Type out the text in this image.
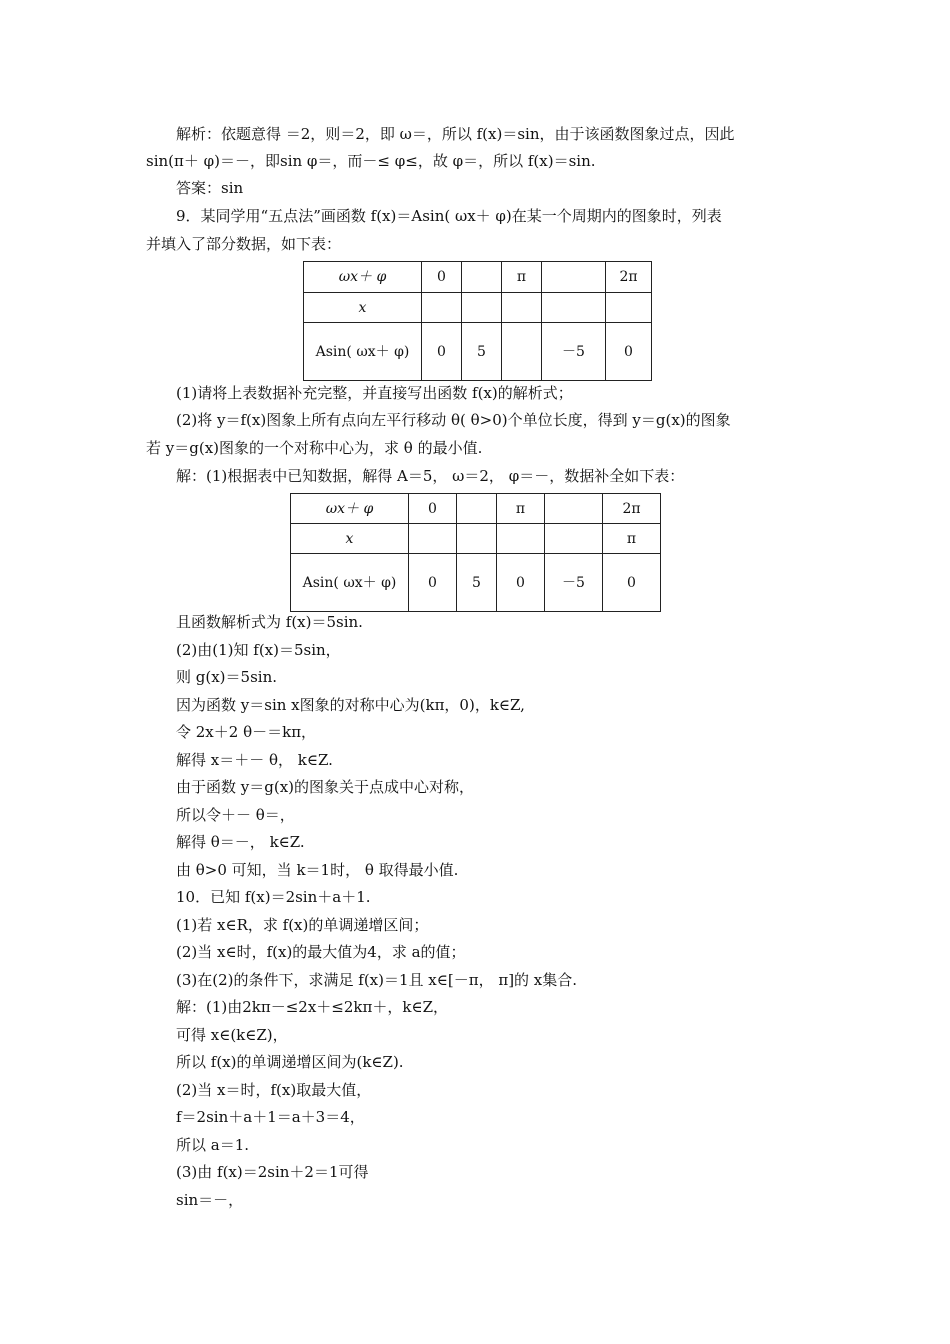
解析：依题意得 ＝2，则＝2，即 ω＝，所以 f(x)＝sin，由于该函数图象过点，因此
sin(π＋ φ)＝－，即sin φ＝，而－≤ φ≤，故 φ＝，所以 f(x)＝sin.
答案：sin
9．某同学用“五点法”画函数 f(x)＝Asin( ωx＋ φ)在某一个周期内的图象时，列表
并填入了部分数据，如下表：
ωx＋ φ	0		π		2π
x					
Asin( ωx＋ φ)	0	5		－5	0
(1)请将上表数据补充完整，并直接写出函数 f(x)的解析式；
(2)将 y＝f(x)图象上所有点向左平行移动 θ( θ>0)个单位长度，得到 y＝g(x)的图象
若 y＝g(x)图象的一个对称中心为，求 θ 的最小值.
解：(1)根据表中已知数据，解得 A＝5， ω＝2， φ＝－，数据补全如下表：
ωx＋ φ	0		π		2π
x					π
Asin( ωx＋ φ)	0	5	0	－5	0
且函数解析式为 f(x)＝5sin.
(2)由(1)知 f(x)＝5sin，
则 g(x)＝5sin.
因为函数 y＝sin x图象的对称中心为(kπ，0)，k∈Z,
令 2x＋2 θ－＝kπ，
解得 x＝＋－ θ， k∈Z.
由于函数 y＝g(x)的图象关于点成中心对称，
所以令＋－ θ＝，
解得 θ＝－， k∈Z.
由 θ>0 可知，当 k＝1时， θ 取得最小值.
10．已知 f(x)＝2sin＋a＋1.
(1)若 x∈R，求 f(x)的单调递增区间；
(2)当 x∈时，f(x)的最大值为4，求 a的值；
(3)在(2)的条件下，求满足 f(x)＝1且 x∈[－π， π]的 x集合.
解：(1)由2kπ－≤2x＋≤2kπ＋，k∈Z，
可得 x∈(k∈Z)，
所以 f(x)的单调递增区间为(k∈Z).
(2)当 x＝时，f(x)取最大值，
f＝2sin＋a＋1＝a＋3＝4，
所以 a＝1.
(3)由 f(x)＝2sin＋2＝1可得
sin＝－，
